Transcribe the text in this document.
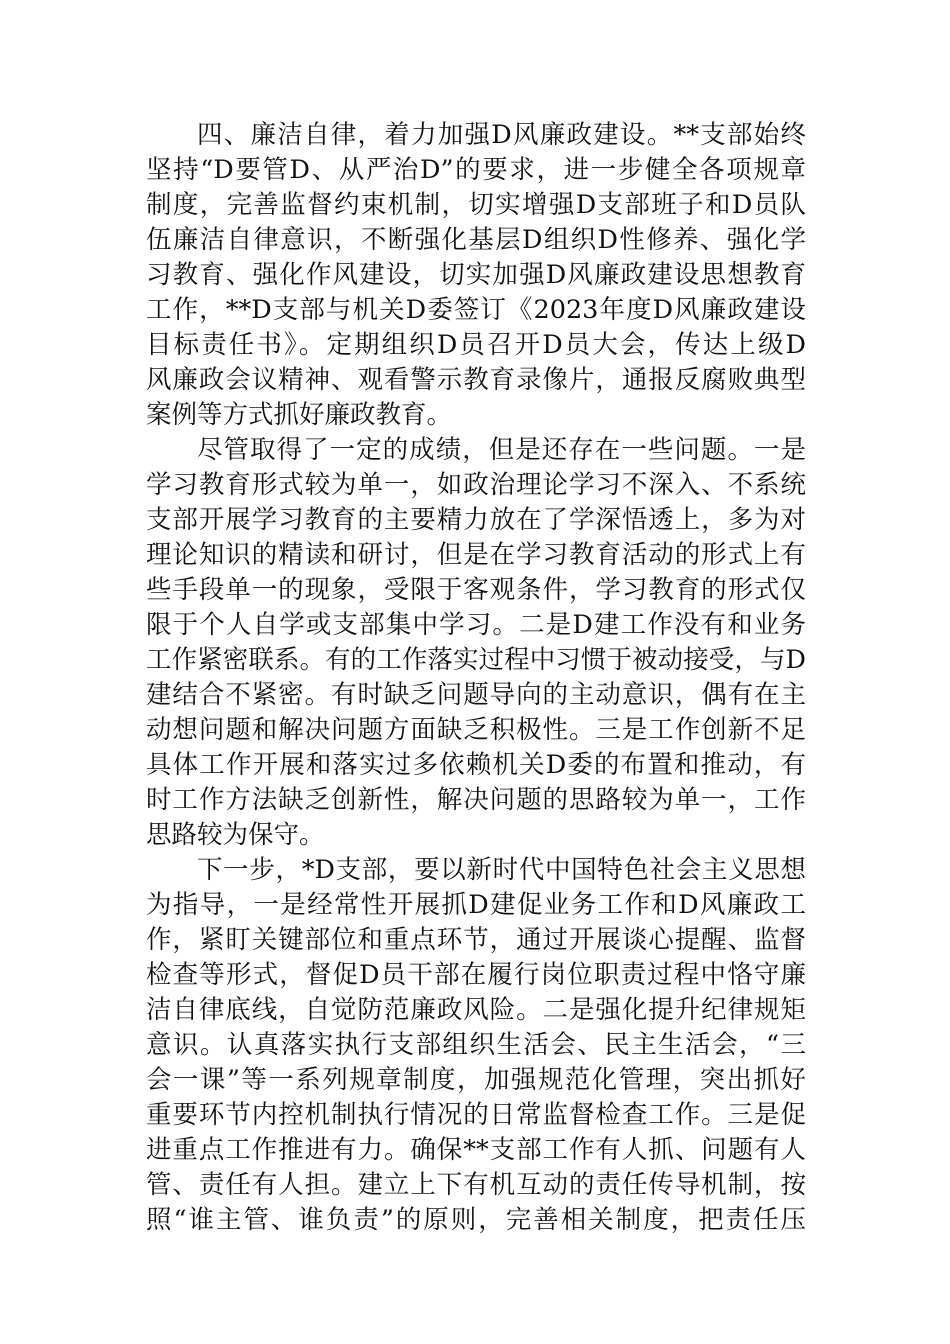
四、廉洁自律，着力加强D风廉政建设。**支部始终
坚持“D要管D、从严治D”的要求，进一步健全各项规章
制度，完善监督约束机制，切实增强D支部班子和D员队
伍廉洁自律意识，不断强化基层D组织D性修养、强化学
习教育、强化作风建设，切实加强D风廉政建设思想教育
工作，**D支部与机关D委签订《2023年度D风廉政建设
目标责任书》。定期组织D员召开D员大会，传达上级D
风廉政会议精神、观看警示教育录像片，通报反腐败典型
案例等方式抓好廉政教育。
尽管取得了一定的成绩，但是还存在一些问题。一是
学习教育形式较为单一，如政治理论学习不深入、不系统
支部开展学习教育的主要精力放在了学深悟透上，多为对
理论知识的精读和研讨，但是在学习教育活动的形式上有
些手段单一的现象，受限于客观条件，学习教育的形式仅
限于个人自学或支部集中学习。二是D建工作没有和业务
工作紧密联系。有的工作落实过程中习惯于被动接受，与D
建结合不紧密。有时缺乏问题导向的主动意识，偶有在主
动想问题和解决问题方面缺乏积极性。三是工作创新不足
具体工作开展和落实过多依赖机关D委的布置和推动，有
时工作方法缺乏创新性，解决问题的思路较为单一，工作
思路较为保守。
下一步，*D支部，要以新时代中国特色社会主义思想
为指导，一是经常性开展抓D建促业务工作和D风廉政工
作，紧盯关键部位和重点环节，通过开展谈心提醒、监督
检查等形式，督促D员干部在履行岗位职责过程中恪守廉
洁自律底线，自觉防范廉政风险。二是强化提升纪律规矩
意识。认真落实执行支部组织生活会、民主生活会，“三
会一课”等一系列规章制度，加强规范化管理，突出抓好
重要环节内控机制执行情况的日常监督检查工作。三是促
进重点工作推进有力。确保**支部工作有人抓、问题有人
管、责任有人担。建立上下有机互动的责任传导机制，按
照“谁主管、谁负责”的原则，完善相关制度，把责任压
